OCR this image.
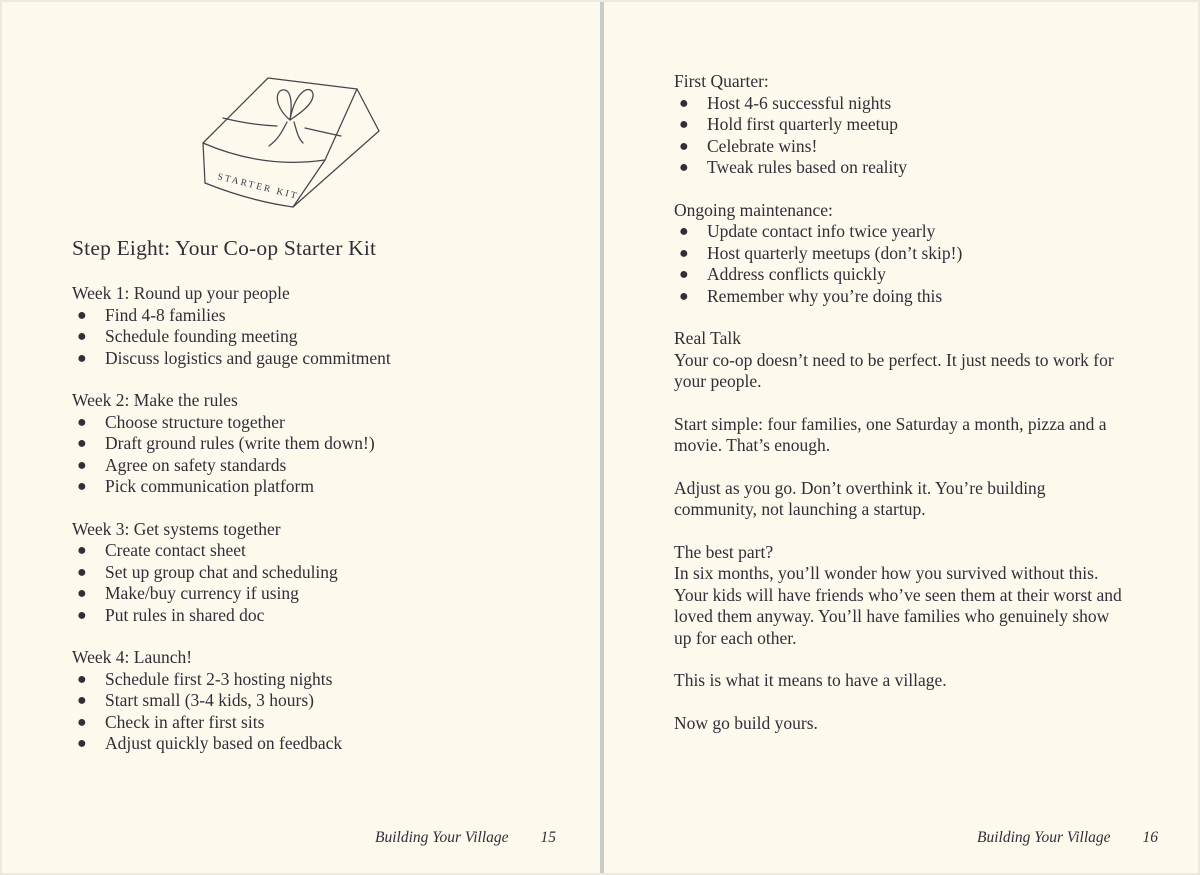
STARTER KIT
Step Eight: Your Co-op Starter Kit
Week 1: Round up your people
●	Find 4-8 families
●	Schedule founding meeting
●	Discuss logistics and gauge commitment
Week 2: Make the rules
●	Choose structure together
●	Draft ground rules (write them down!)
●	Agree on safety standards
●	Pick communication platform
Week 3: Get systems together
●	Create contact sheet
●	Set up group chat and scheduling
●	Make/buy currency if using
●	Put rules in shared doc
Week 4: Launch!
●	Schedule first 2-3 hosting nights
●	Start small (3-4 kids, 3 hours)
●	Check in after first sits
●	Adjust quickly based on feedback
Building Your Village 15
First Quarter:
●	Host 4-6 successful nights
●	Hold first quarterly meetup
●	Celebrate wins!
●	Tweak rules based on reality
Ongoing maintenance:
●	Update contact info twice yearly
●	Host quarterly meetups (don’t skip!)
●	Address conflicts quickly
●	Remember why you’re doing this
Real Talk
Your co-op doesn’t need to be perfect. It just needs to work for your people.
Start simple: four families, one Saturday a month, pizza and a movie. That’s enough.
Adjust as you go. Don’t overthink it. You’re building community, not launching a startup.
The best part?
In six months, you’ll wonder how you survived without this. Your kids will have friends who’ve seen them at their worst and loved them anyway. You’ll have families who genuinely show up for each other.
This is what it means to have a village.
Now go build yours.
Building Your Village 16
